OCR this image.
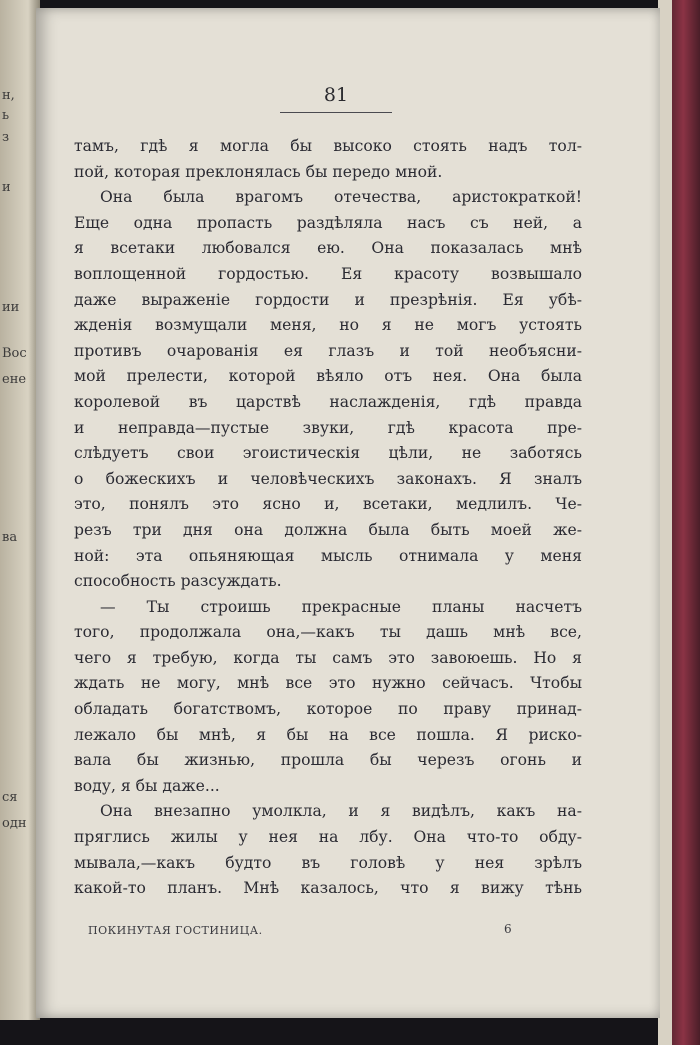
н,
ь
з
и
ии
Вос
ене
ва
ся
одн
81
тамъ, гдѣ я могла бы высоко стоять надъ тол-
пой, которая преклонялась бы передо мной.
Она была врагомъ отечества, аристократкой!
Еще одна пропасть раздѣляла насъ съ ней, а
я всетаки любовался ею. Она показалась мнѣ
воплощенной гордостью. Ея красоту возвышало
даже выраженіе гордости и презрѣнія. Ея убѣ-
жденія возмущали меня, но я не могъ устоять
противъ очарованія ея глазъ и той необъясни-
мой прелести, которой вѣяло отъ нея. Она была
королевой въ царствѣ наслажденія, гдѣ правда
и неправда—пустые звуки, гдѣ красота пре-
слѣдуетъ свои эгоистическія цѣли, не заботясь
о божескихъ и человѣческихъ законахъ. Я зналъ
это, понялъ это ясно и, всетаки, медлилъ. Че-
резъ три дня она должна была быть моей же-
ной: эта опьяняющая мысль отнимала у меня
способность разсуждать.
— Ты строишь прекрасные планы насчетъ
того, продолжала она,—какъ ты дашь мнѣ все,
чего я требую, когда ты самъ это завоюешь. Но я
ждать не могу, мнѣ все это нужно сейчасъ. Чтобы
обладать богатствомъ, которое по праву принад-
лежало бы мнѣ, я бы на все пошла. Я риско-
вала бы жизнью, прошла бы черезъ огонь и
воду, я бы даже...
Она внезапно умолкла, и я видѣлъ, какъ на-
пряглись жилы у нея на лбу. Она что-то обду-
мывала,—какъ будто въ головѣ у нея зрѣлъ
какой-то планъ. Мнѣ казалось, что я вижу тѣнь
ПОКИНУТАЯ ГОСТИНИЦА.	6
